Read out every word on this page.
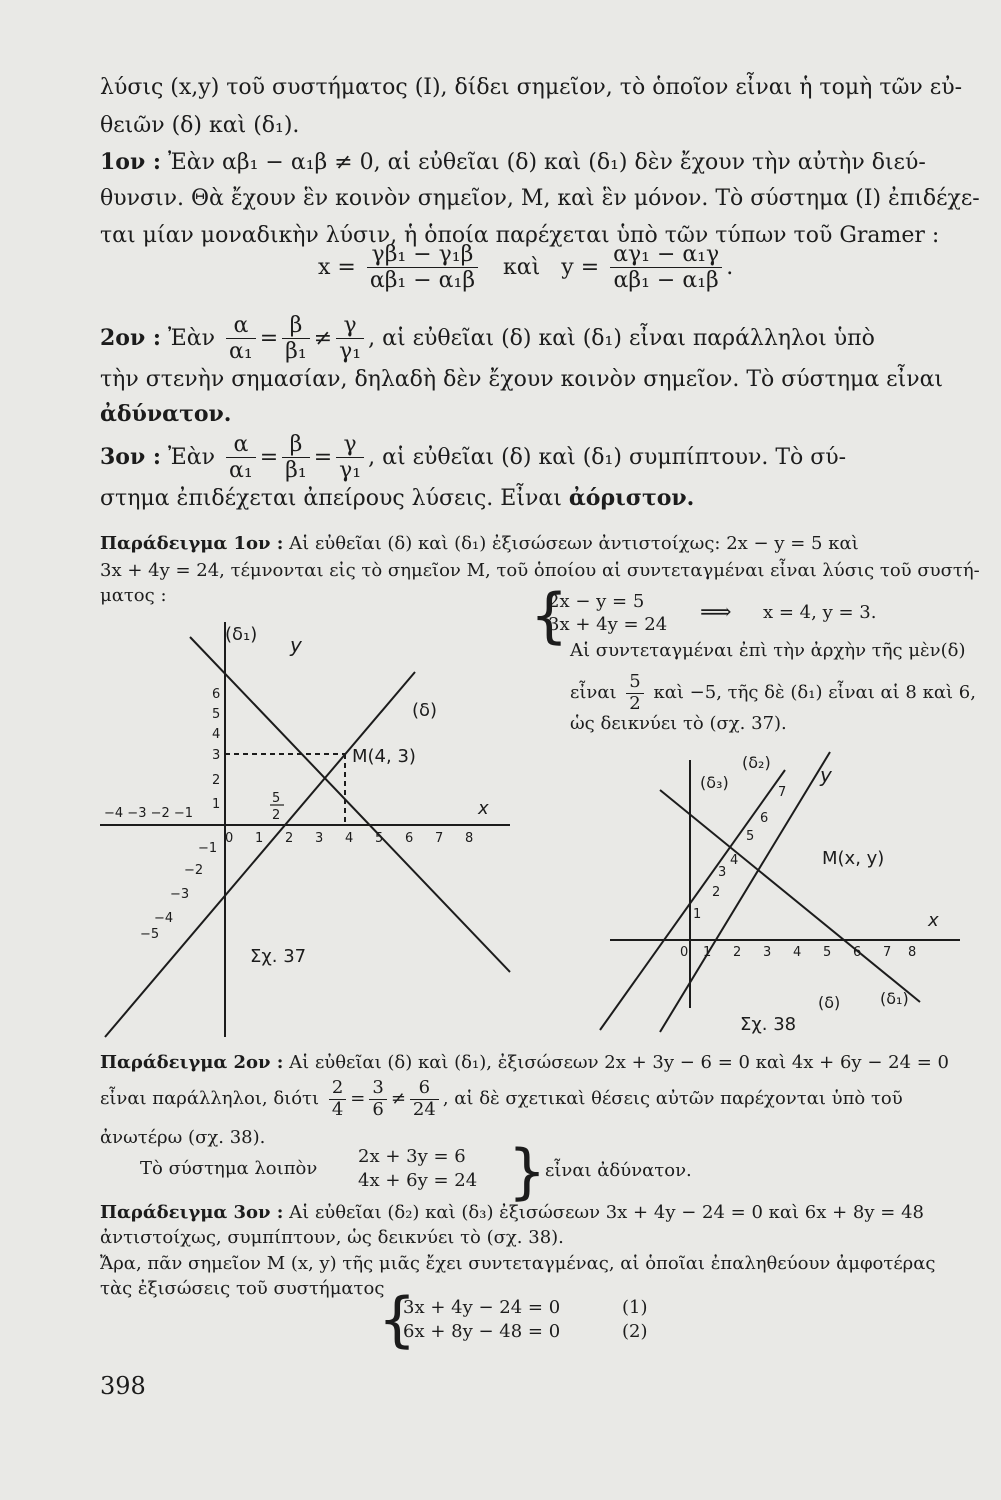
λύσις (x,y) τοῦ συστήματος (Ι), δίδει σημεῖον, τὸ ὁποῖον εἶναι ἡ τομὴ τῶν εὐ-
θειῶν (δ) καὶ (δ₁).
1ον : Ἐὰν αβ₁ − α₁β ≠ 0, αἱ εὐθεῖαι (δ) καὶ (δ₁) δὲν ἔχουν τὴν αὐτὴν διεύ-
θυνσιν. Θὰ ἔχουν ἓν κοινὸν σημεῖον, Μ, καὶ ἓν μόνον. Τὸ σύστημα (Ι) ἐπιδέχε-
ται μίαν μοναδικὴν λύσιν, ἡ ὁποία παρέχεται ὑπὸ τῶν τύπων τοῦ Gramer :
$x = \frac{\text{γβ₁ − γ₁β}}{\text{αβ₁ − α₁β}}$ καὶ $y = \frac{\text{αγ₁ − α₁γ}}{\text{αβ₁ − α₁β}}$ .
2ον : Ἐὰν $\frac{\alpha}{\text{α₁}} = \frac{\beta}{\text{β₁}} \ne \frac{\gamma}{\text{γ₁}}$ , αἱ εὐθεῖαι (δ) καὶ (δ₁) εἶναι παράλληλοι ὑπὸ
τὴν στενὴν σημασίαν, δηλαδὴ δὲν ἔχουν κοινὸν σημεῖον. Τὸ σύστημα εἶναι
ἀδύνατον.
3ον : Ἐὰν $\frac{\alpha}{\text{α₁}} = \frac{\beta}{\text{β₁}} = \frac{\gamma}{\text{γ₁}}$ , αἱ εὐθεῖαι (δ) καὶ (δ₁) συμπίπτουν. Τὸ σύ-
στημα ἐπιδέχεται ἀπείρους λύσεις. Εἶναι ἀόριστον.
Παράδειγμα 1ον : Αἱ εὐθεῖαι (δ) καὶ (δ₁) ἐξισώσεων ἀντιστοίχως: 2x − y = 5 καὶ
3x + 4y = 24, τέμνονται εἰς τὸ σημεῖον Μ, τοῦ ὁποίου αἱ συντεταγμέναι εἶναι λύσις τοῦ συστή-
ματος :	{
2x − y = 5
3x + 4y = 24 ⟹ x = 4, y = 3.
Αἱ συντεταγμέναι ἐπὶ τὴν ἀρχὴν τῆς μὲν(δ)
εἶναι $\frac{5}{2}$ καὶ −5, τῆς δὲ (δ₁) εἶναι αἱ 8 καὶ 6,
ὡς δεικνύει τὸ (σχ. 37).
(δ₁) y
(δ)
Μ(4, 3)
x
5
2
−4 −3 −2 −1
0 1 2 3 4 5 6 7 8
1
2
3
4
5
6
−1
−2
−3
−4
−5
Σχ. 37
(δ₃)
(δ₂)
y
Μ(x, y)
x
0 1 2 3 4 5 6 7 8
1
2
3
4
5
6
7
(δ) (δ₁)
Σχ. 38
Παράδειγμα 2ον : Αἱ εὐθεῖαι (δ) καὶ (δ₁), ἐξισώσεων 2x + 3y − 6 = 0 καὶ 4x + 6y − 24 = 0
εἶναι παράλληλοι, διότι $\frac{2}{4} = \frac{3}{6} \ne \frac{6}{24}$ , αἱ δὲ σχετικαὶ θέσεις αὐτῶν παρέχονται ὑπὸ τοῦ
ἀνωτέρω (σχ. 38).
Τὸ σύστημα λοιπὸν
2x + 3y = 6
4x + 6y = 24 }
εἶναι ἀδύνατον.
Παράδειγμα 3ον : Αἱ εὐθεῖαι (δ₂) καὶ (δ₃) ἐξισώσεων 3x + 4y − 24 = 0 καὶ 6x + 8y = 48
ἀντιστοίχως, συμπίπτουν, ὡς δεικνύει τὸ (σχ. 38).
Ἄρα, πᾶν σημεῖον Μ (x, y) τῆς μιᾶς ἔχει συντεταγμένας, αἱ ὁποῖαι ἐπαληθεύουν ἀμφοτέρας
τὰς ἐξισώσεις τοῦ συστήματος
{
3x + 4y − 24 = 0
6x + 8y − 48 = 0
(1)
(2)
398
